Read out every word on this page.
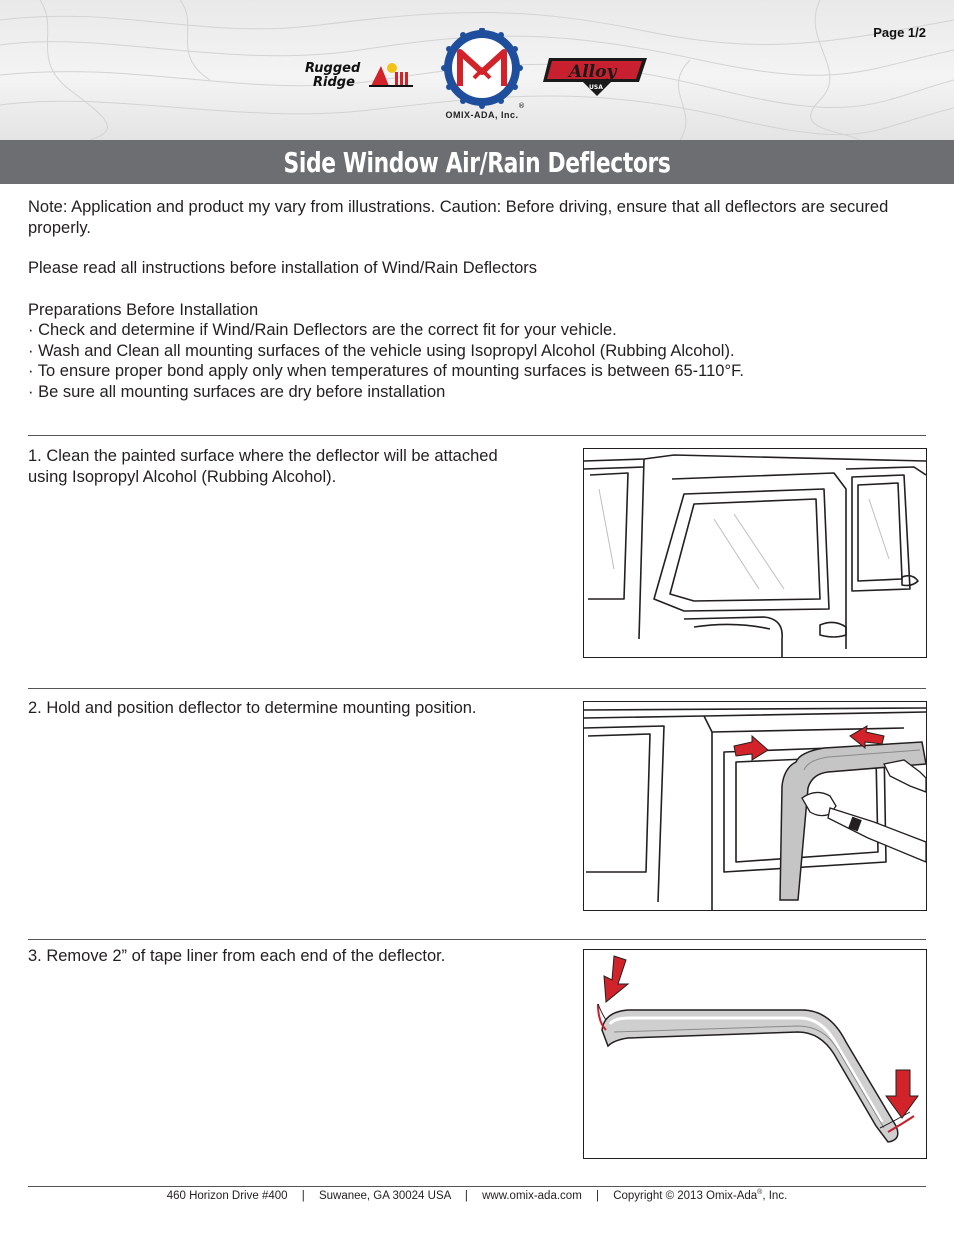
Page 1/2
Rugged
Ridge
®
OMIX-ADA, Inc.
Alloy
USA
Side Window Air/Rain Deflectors
Note: Application and product my vary from illustrations. Caution: Before driving, ensure that all deflectors are secured properly.
Please read all instructions before installation of Wind/Rain Deflectors
Preparations Before Installation
· Check and determine if Wind/Rain Deflectors are the correct fit for your vehicle.
· Wash and Clean all mounting surfaces of the vehicle using Isopropyl Alcohol (Rubbing Alcohol).
· To ensure proper bond apply only when temperatures of mounting surfaces is between 65-110°F.
· Be sure all mounting surfaces are dry before installation
1. Clean the painted surface where the deflector will be attached using Isopropyl Alcohol (Rubbing Alcohol).
2. Hold and position deflector to determine mounting position.
3. Remove 2” of tape liner from each end of the deflector.
460 Horizon Drive #400 | Suwanee, GA 30024 USA | www.omix-ada.com | Copyright © 2013 Omix-Ada®, Inc.
